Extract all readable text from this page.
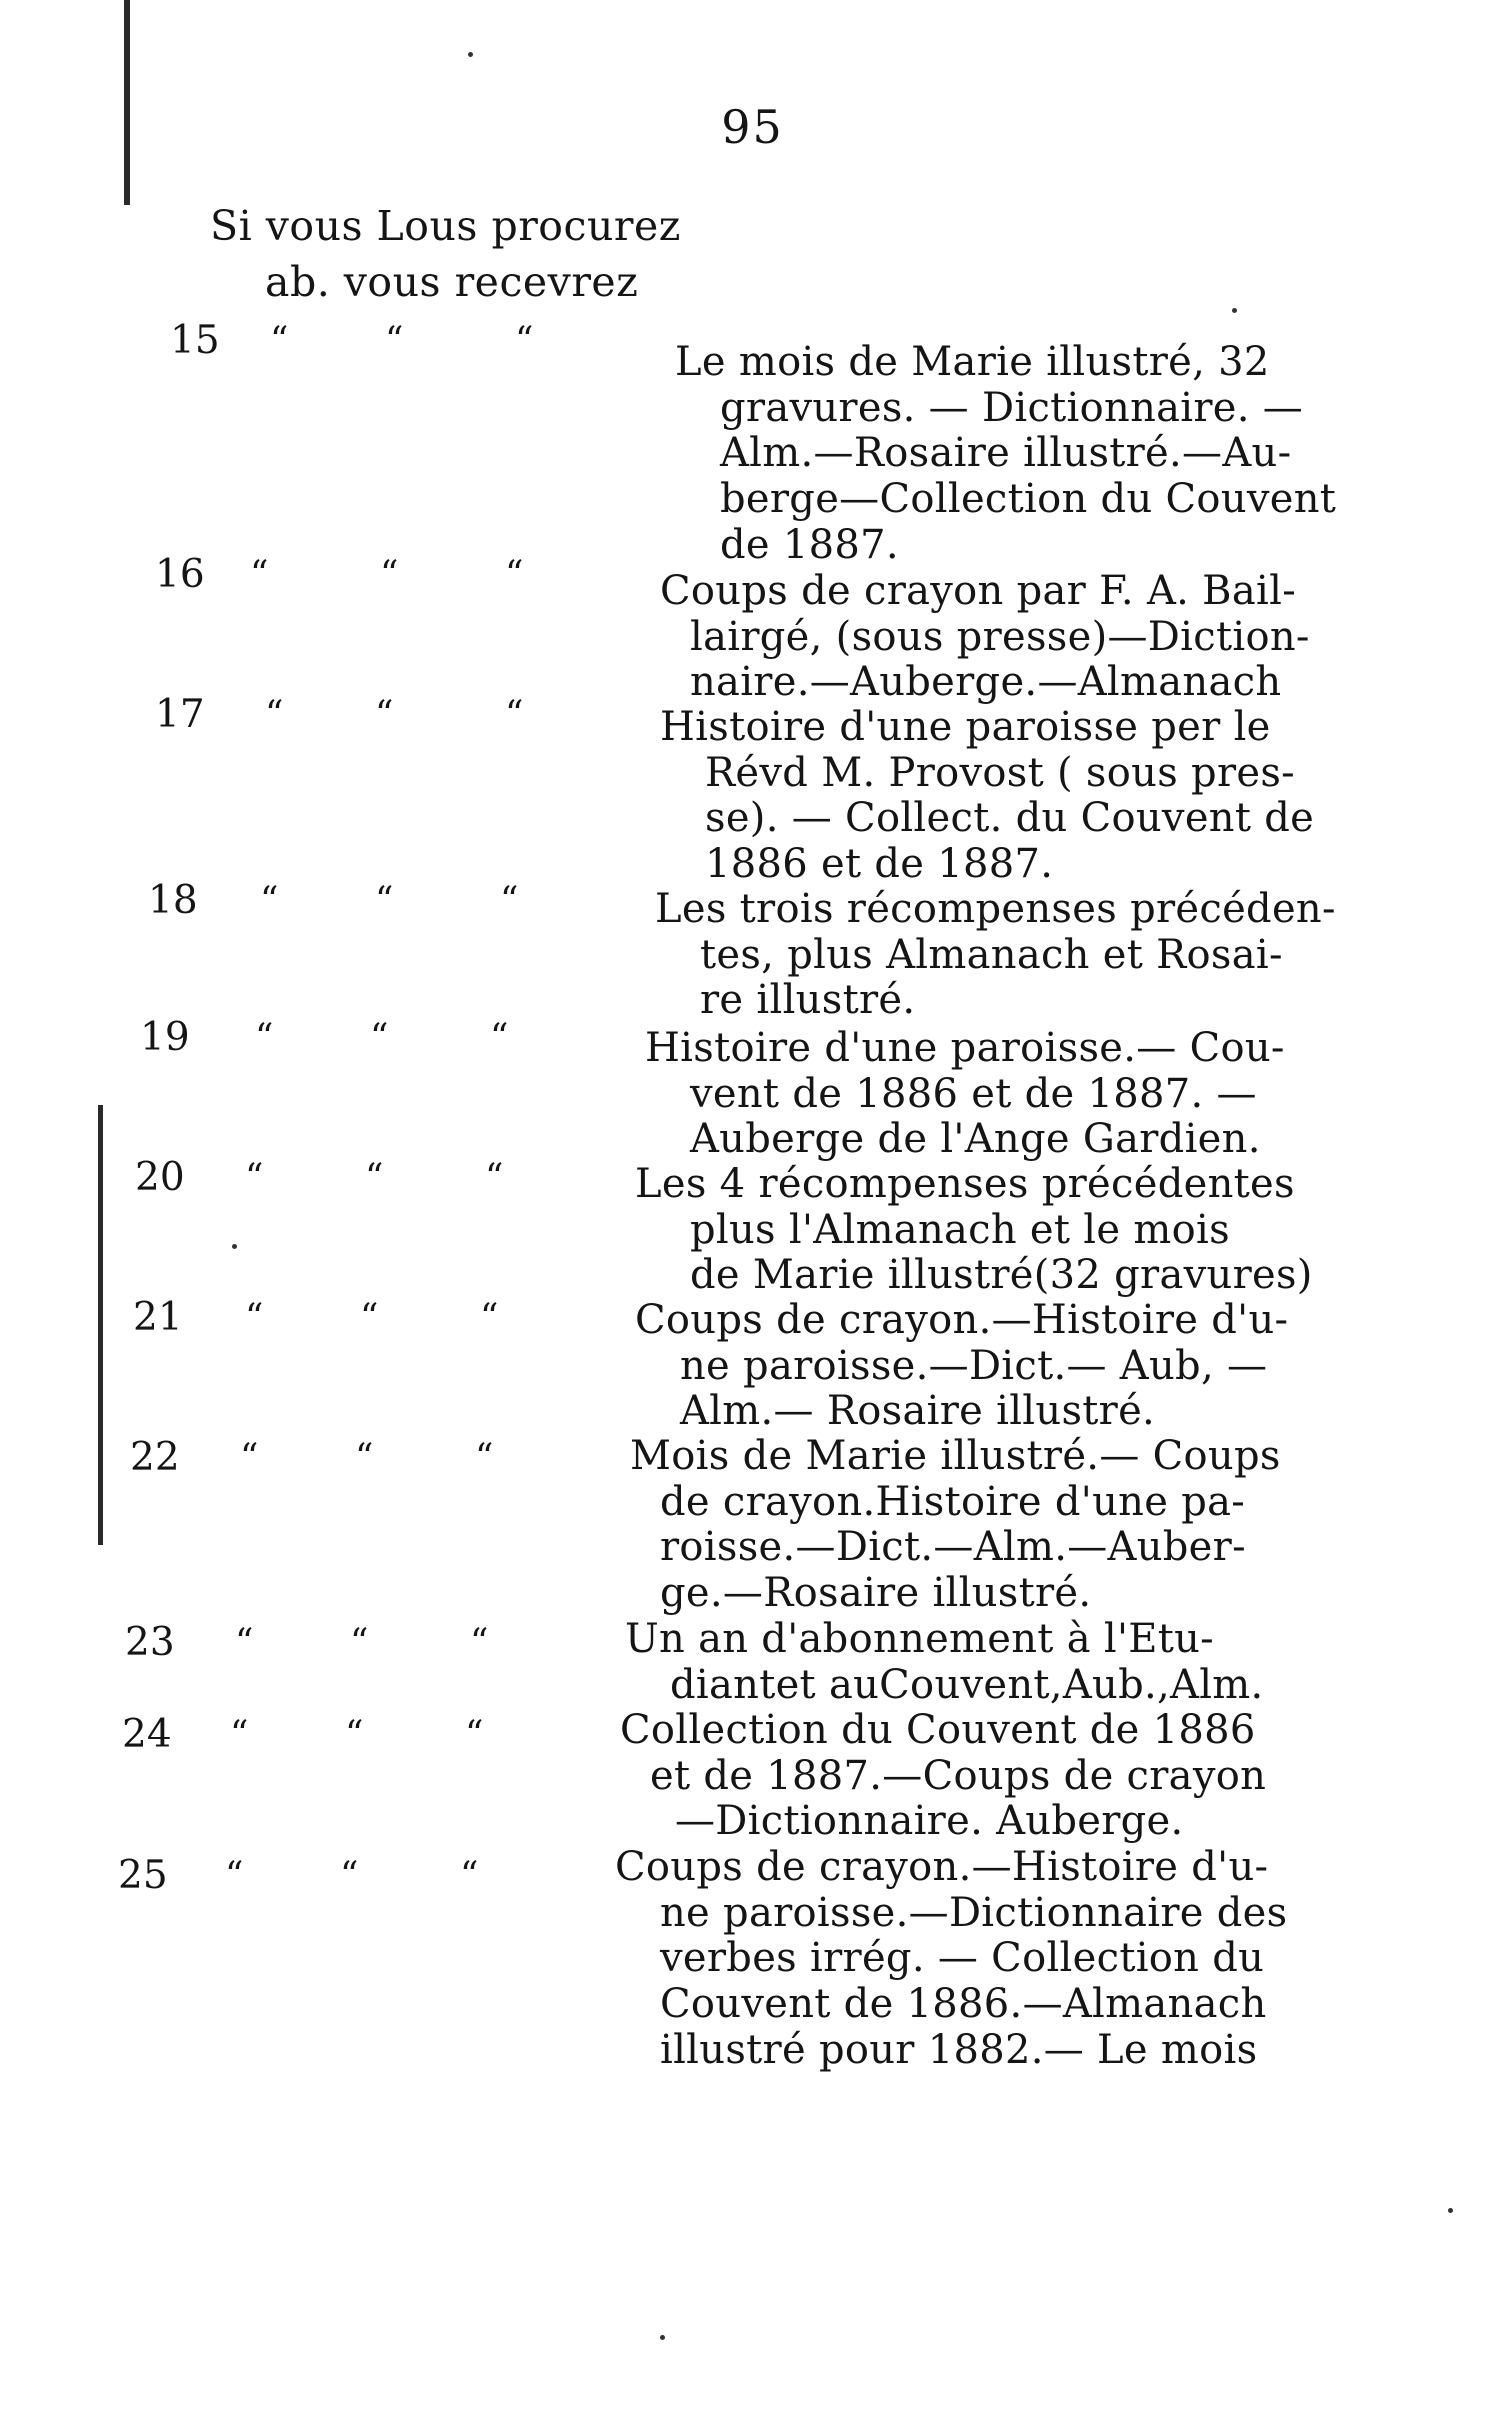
95
Si vous Lous procurez
ab. vous recevrez
15 “	“	“	Le mois de Marie illustré, 32
gravures. — Dictionnaire. —
Alm.—Rosaire illustré.—Au-
berge—Collection du Couvent
de 1887.
16 “	“	“	Coups de crayon par F. A. Bail-
lairgé, (sous presse)—Diction-
naire.—Auberge.—Almanach
17 “	“	“	Histoire d'une paroisse per le
Révd M. Provost ( sous pres-
se). — Collect. du Couvent de
1886 et de 1887.
18 “	“	“	Les trois récompenses précéden-
tes, plus Almanach et Rosai-
re illustré.
19 “	“	“	Histoire d'une paroisse.— Cou-
vent de 1886 et de 1887. —
Auberge de l'Ange Gardien.
20 “	“	“	Les 4 récompenses précédentes
plus l'Almanach et le mois
de Marie illustré(32 gravures)
21 “	“	“	Coups de crayon.—Histoire d'u-
ne paroisse.—Dict.— Aub, —
Alm.— Rosaire illustré.
22 “	“	“	Mois de Marie illustré.— Coups
de crayon.Histoire d'une pa-
roisse.—Dict.—Alm.—Auber-
ge.—Rosaire illustré.
23 “	“	“	Un an d'abonnement à l'Etu-
diantet auCouvent,Aub.,Alm.
24 “	“	“	Collection du Couvent de 1886
et de 1887.—Coups de crayon
—Dictionnaire. Auberge.
25 “	“	“	Coups de crayon.—Histoire d'u-
ne paroisse.—Dictionnaire des
verbes irrég. — Collection du
Couvent de 1886.—Almanach
illustré pour 1882.— Le mois
